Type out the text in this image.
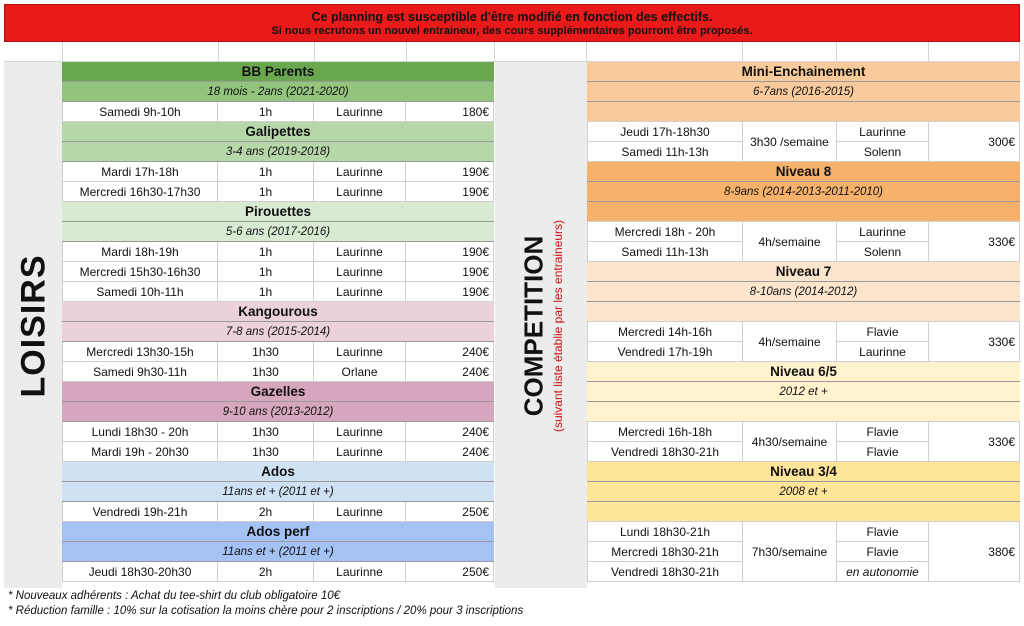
Ce planning est susceptible d'être modifié en fonction des effectifs.
Si nous recrutons un nouvel entraineur, des cours supplémentaires pourront être proposés.
LOISIRS	COMPETITION (suivant liste établie par les entraineurs)
BB Parents
18 mois - 2ans (2021-2020)
Samedi 9h-10h	1h	Laurinne	180€
Galipettes
3-4 ans (2019-2018)
Mardi 17h-18h	1h	Laurinne	190€
Mercredi 16h30-17h30	1h	Laurinne	190€
Pirouettes
5-6 ans (2017-2016)
Mardi 18h-19h	1h	Laurinne	190€
Mercredi 15h30-16h30	1h	Laurinne	190€
Samedi 10h-11h	1h	Laurinne	190€
Kangourous
7-8 ans (2015-2014)
Mercredi 13h30-15h	1h30	Laurinne	240€
Samedi 9h30-11h	1h30	Orlane	240€
Gazelles
9-10 ans (2013-2012)
Lundi 18h30 - 20h	1h30	Laurinne	240€
Mardi 19h - 20h30	1h30	Laurinne	240€
Ados
11ans et + (2011 et +)
Vendredi 19h-21h	2h	Laurinne	250€
Ados perf
11ans et + (2011 et +)
Jeudi 18h30-20h30	2h	Laurinne	250€
Mini-Enchainement
6-7ans (2016-2015)
Jeudi 17h-18h30	Laurinne
Samedi 11h-13h	Solenn
3h30 /semaine	300€
Niveau 8
8-9ans (2014-2013-2011-2010)
Mercredi 18h - 20h	Laurinne
Samedi 11h-13h	Solenn
4h/semaine	330€
Niveau 7
8-10ans (2014-2012)
Mercredi 14h-16h	Flavie
Vendredi 17h-19h	Laurinne
4h/semaine	330€
Niveau 6/5
2012 et +
Mercredi 16h-18h	Flavie
Vendredi 18h30-21h	Flavie
4h30/semaine	330€
Niveau 3/4
2008 et +
Lundi 18h30-21h	Flavie
Mercredi 18h30-21h	Flavie
Vendredi 18h30-21h	en autonomie
7h30/semaine	380€
* Nouveaux adhérents : Achat du tee-shirt du club obligatoire 10€
* Réduction famille : 10% sur la cotisation la moins chère pour 2 inscriptions / 20% pour 3 inscriptions
